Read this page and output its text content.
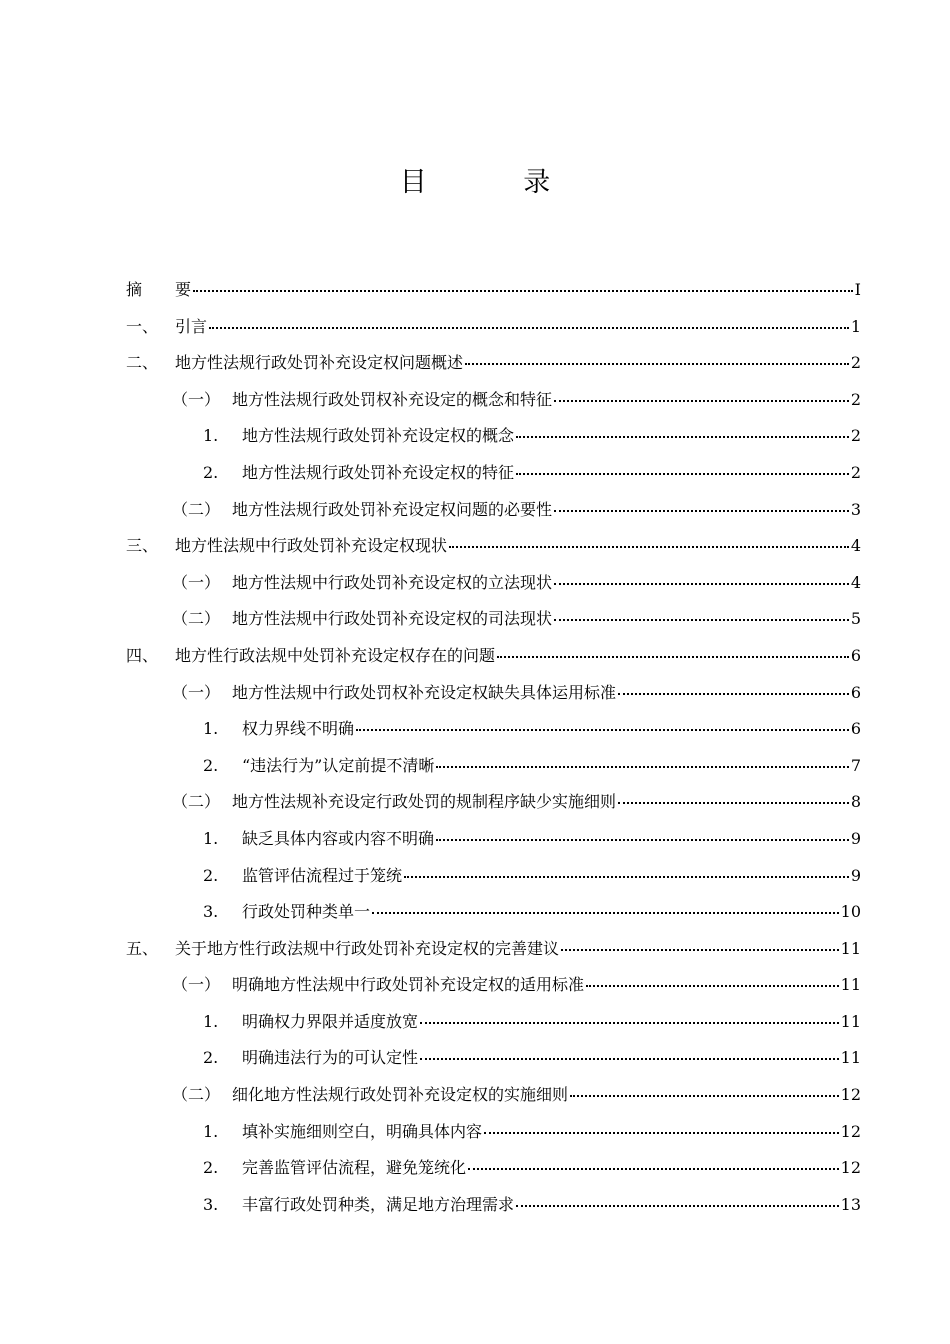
目 录
摘　	要	I
一、	引言	1
二、	地方性法规行政处罚补充设定权问题概述	2
（一） 地方性法规行政处罚权补充设定的概念和特征	2
1.	地方性法规行政处罚补充设定权的概念	2
2.	地方性法规行政处罚补充设定权的特征	2
（二） 地方性法规行政处罚补充设定权问题的必要性	3
三、	地方性法规中行政处罚补充设定权现状	4
（一） 地方性法规中行政处罚补充设定权的立法现状	4
（二） 地方性法规中行政处罚补充设定权的司法现状	5
四、	地方性行政法规中处罚补充设定权存在的问题	6
（一） 地方性法规中行政处罚权补充设定权缺失具体运用标准	6
1.	权力界线不明确	6
2.	“违法行为”认定前提不清晰	7
（二） 地方性法规补充设定行政处罚的规制程序缺少实施细则	8
1.	缺乏具体内容或内容不明确	9
2.	监管评估流程过于笼统	9
3.	行政处罚种类单一	10
五、	关于地方性行政法规中行政处罚补充设定权的完善建议	11
（一） 明确地方性法规中行政处罚补充设定权的适用标准	11
1.	明确权力界限并适度放宽	11
2.	明确违法行为的可认定性	11
（二） 细化地方性法规行政处罚补充设定权的实施细则	12
1.	填补实施细则空白，明确具体内容	12
2.	完善监管评估流程，避免笼统化	12
3.	丰富行政处罚种类，满足地方治理需求	13
